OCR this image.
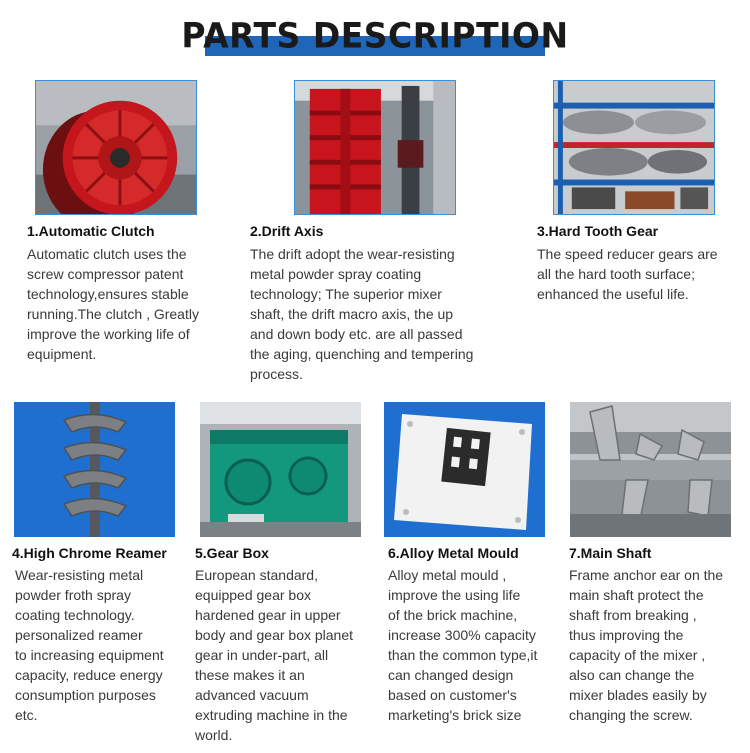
PARTS DESCRIPTION
1.Automatic Clutch
Automatic clutch uses the
screw compressor patent
technology,ensures stable
running.The clutch , Greatly
improve the working life of
equipment.
2.Drift Axis
The drift adopt the wear-resisting
metal powder spray coating
technology; The superior mixer
shaft, the drift macro axis, the up
and down body etc. are all passed
the aging, quenching and tempering
process.
3.Hard Tooth Gear
The speed reducer gears are
all the hard tooth surface;
enhanced the useful life.
4.High Chrome Reamer
Wear-resisting metal
powder froth spray
coating technology.
personalized reamer
to increasing equipment
capacity, reduce energy
consumption purposes
etc.
5.Gear Box
European standard,
equipped gear box
hardened gear in upper
body and gear box planet
gear in under-part, all
these makes it an
advanced vacuum
extruding machine in the
world.
6.Alloy Metal Mould
Alloy metal mould ,
improve the using life
of the brick machine,
increase 300% capacity
than the common type,it
can changed design
based on customer's
marketing's brick size
7.Main Shaft
Frame anchor ear on the
main shaft protect the
shaft from breaking ,
thus improving the
capacity of the mixer ,
also can change the
mixer blades easily by
changing the screw.
